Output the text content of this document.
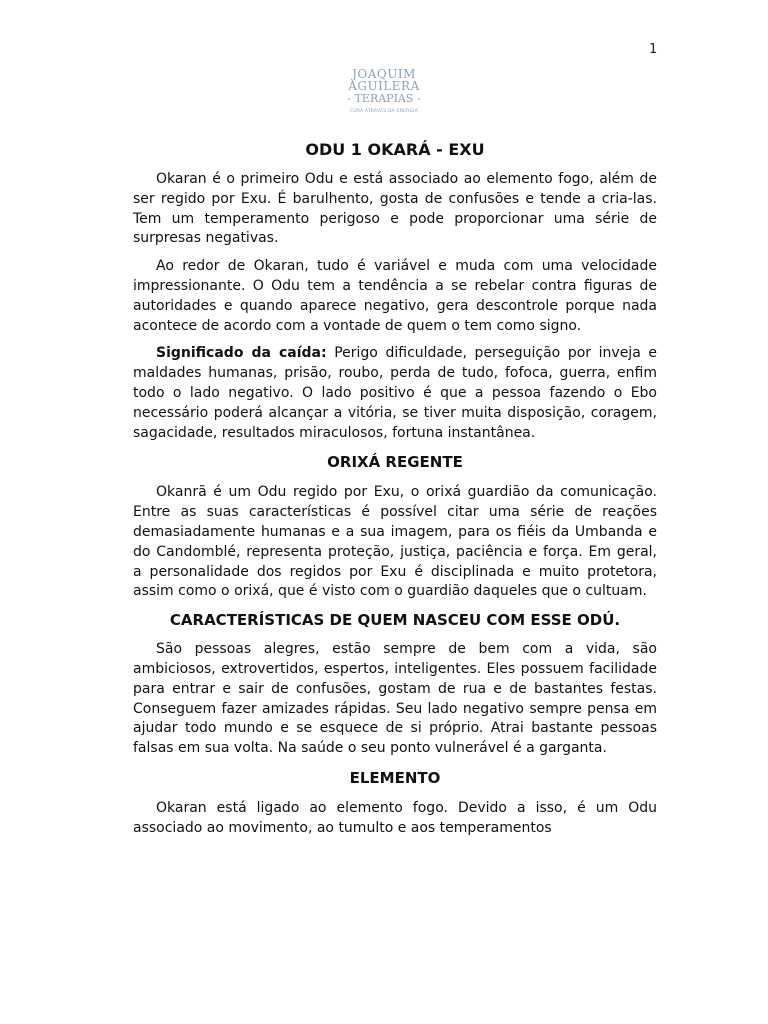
1
JOAQUIM
AGUILERA
- TERAPIAS -
CURA ATRAVÉS DA ENERGIA
ODU 1 OKARÁ - EXU

Okaran é o primeiro Odu e está associado ao elemento fogo, além de ser regido por Exu. É barulhento, gosta de confusões e tende a cria-las. Tem um temperamento perigoso e pode proporcionar uma série de surpresas negativas.

Ao redor de Okaran, tudo é variável e muda com uma velocidade impressionante. O Odu tem a tendência a se rebelar contra figuras de autoridades e quando aparece negativo, gera descontrole porque nada acontece de acordo com a vontade de quem o tem como signo.

Significado da caída: Perigo dificuldade, perseguição por inveja e maldades humanas, prisão, roubo, perda de tudo, fofoca, guerra, enfim todo o lado negativo. O lado positivo é que a pessoa fazendo o Ebo necessário poderá alcançar a vitória, se tiver muita disposição, coragem, sagacidade, resultados miraculosos, fortuna instantânea.

ORIXÁ REGENTE

Okanrã é um Odu regido por Exu, o orixá guardião da comunicação. Entre as suas características é possível citar uma série de reações demasiadamente humanas e a sua imagem, para os fiéis da Umbanda e do Candomblé, representa proteção, justiça, paciência e força. Em geral, a personalidade dos regidos por Exu é disciplinada e muito protetora, assim como o orixá, que é visto com o guardião daqueles que o cultuam.

CARACTERÍSTICAS DE QUEM NASCEU COM ESSE ODÚ.

São pessoas alegres, estão sempre de bem com a vida, são ambiciosos, extrovertidos, espertos, inteligentes. Eles possuem facilidade para entrar e sair de confusões, gostam de rua e de bastantes festas. Conseguem fazer amizades rápidas. Seu lado negativo sempre pensa em ajudar todo mundo e se esquece de si próprio. Atrai bastante pessoas falsas em sua volta. Na saúde o seu ponto vulnerável é a garganta.

ELEMENTO

Okaran está ligado ao elemento fogo. Devido a isso, é um Odu associado ao movimento, ao tumulto e aos temperamentos
